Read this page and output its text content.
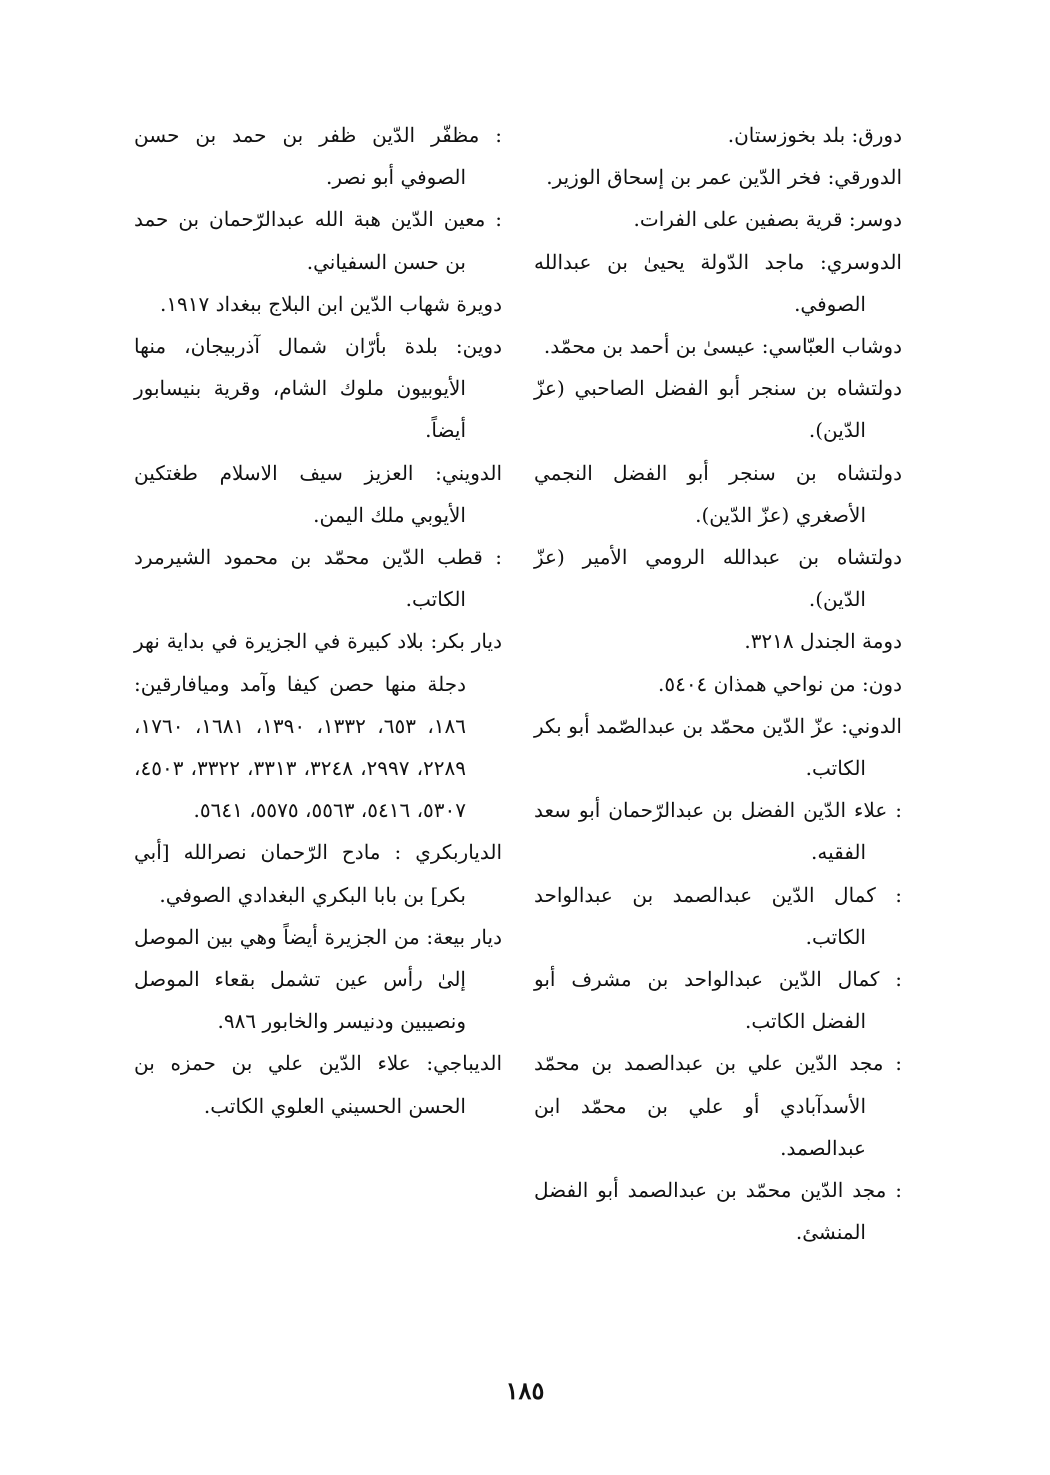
دورق: بلد بخوزستان.

الدورقي: فخر الدّين عمر بن إسحاق الوزير.

دوسر: قرية بصفين على الفرات.

الدوسري: ماجد الدّولة يحيىٰ بن عبدالله الصوفي.

دوشاب العبّاسي: عيسىٰ بن أحمد بن محمّد.

دولتشاه بن سنجر أبو الفضل الصاحبي (عزّ الدّين).

دولتشاه بن سنجر أبو الفضل النجمي الأصغري (عزّ الدّين).

دولتشاه بن عبدالله الرومي الأمير (عزّ الدّين).

دومة الجندل ٣٢١٨.

دون: من نواحي همذان ٥٤٠٤.

الدوني: عزّ الدّين محمّد بن عبدالصّمد أبو بكر الكاتب.

: علاء الدّين الفضل بن عبدالرّحمان أبو سعد الفقيه.

: كمال الدّين عبدالصمد بن عبدالواحد الكاتب.

: كمال الدّين عبدالواحد بن مشرف أبو الفضل الكاتب.

: مجد الدّين علي بن عبدالصمد بن محمّد الأسدآبادي أو علي بن محمّد ابن عبدالصمد.

: مجد الدّين محمّد بن عبدالصمد أبو الفضل المنشئ.

: مظفّر الدّين ظفر بن حمد بن حسن الصوفي أبو نصر.

: معين الدّين هبة الله عبدالرّحمان بن حمد بن حسن السفياني.

دويرة شهاب الدّين ابن البلاج ببغداد ١٩١٧.

دوين: بلدة بأرّان شمال آذربيجان، منها الأيوبيون ملوك الشام، وقرية بنيسابور أيضاً.

الدويني: العزيز سيف الاسلام طغتكين الأيوبي ملك اليمن.

: قطب الدّين محمّد بن محمود الشيرمرد الكاتب.

ديار بكر: بلاد كبيرة في الجزيرة في بداية نهر دجلة منها حصن كيفا وآمد وميافارقين: ١٨٦، ٦٥٣، ١٣٣٢، ١٣٩٠، ١٦٨١، ١٧٦٠، ٢٢٨٩، ٢٩٩٧، ٣٢٤٨، ٣٣١٣، ٣٣٢٢، ٤٥٠٣، ٥٣٠٧، ٥٤١٦، ٥٥٦٣، ٥٥٧٥، ٥٦٤١.

الدياربكري : مادح الرّحمان نصرالله [أبي بكر] بن بابا البكري البغدادي الصوفي.

ديار بيعة: من الجزيرة أيضاً وهي بين الموصل إلىٰ رأس عين تشمل بقعاء الموصل ونصيبين ودنيسر والخابور ٩٨٦.

الديباجي: علاء الدّين علي بن حمزه بن الحسن الحسيني العلوي الكاتب.

١٨٥
